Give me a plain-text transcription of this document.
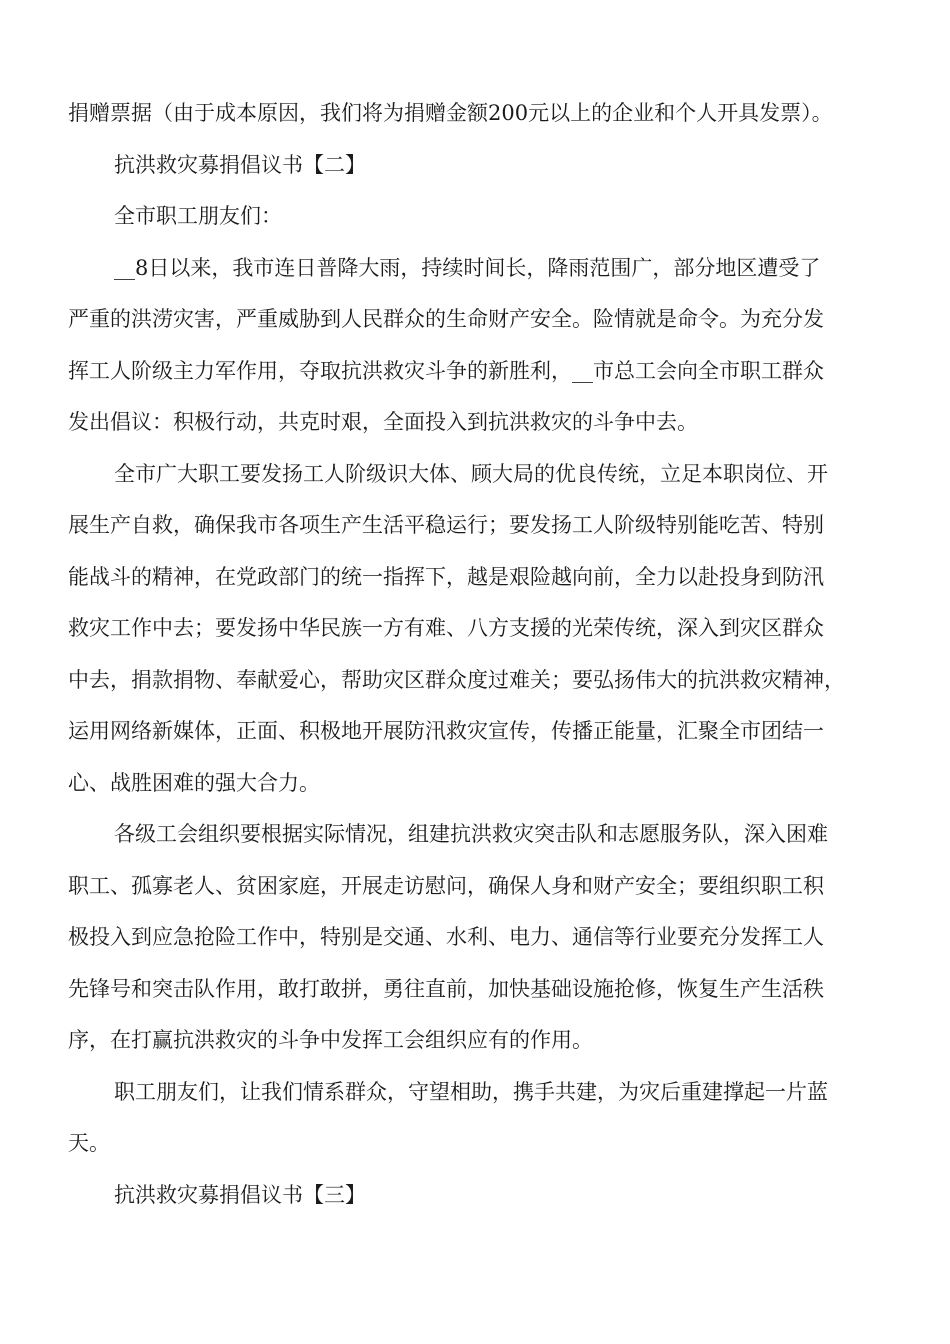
捐赠票据（由于成本原因，我们将为捐赠金额200元以上的企业和个人开具发票）。
抗洪救灾募捐倡议书【二】
全市职工朋友们：
__8日以来，我市连日普降大雨，持续时间长，降雨范围广，部分地区遭受了
严重的洪涝灾害，严重威胁到人民群众的生命财产安全。险情就是命令。为充分发
挥工人阶级主力军作用，夺取抗洪救灾斗争的新胜利，__市总工会向全市职工群众
发出倡议：积极行动，共克时艰，全面投入到抗洪救灾的斗争中去。
全市广大职工要发扬工人阶级识大体、顾大局的优良传统，立足本职岗位、开
展生产自救，确保我市各项生产生活平稳运行；要发扬工人阶级特别能吃苦、特别
能战斗的精神，在党政部门的统一指挥下，越是艰险越向前，全力以赴投身到防汛
救灾工作中去；要发扬中华民族一方有难、八方支援的光荣传统，深入到灾区群众
中去，捐款捐物、奉献爱心，帮助灾区群众度过难关；要弘扬伟大的抗洪救灾精神，
运用网络新媒体，正面、积极地开展防汛救灾宣传，传播正能量，汇聚全市团结一
心、战胜困难的强大合力。
各级工会组织要根据实际情况，组建抗洪救灾突击队和志愿服务队，深入困难
职工、孤寡老人、贫困家庭，开展走访慰问，确保人身和财产安全；要组织职工积
极投入到应急抢险工作中，特别是交通、水利、电力、通信等行业要充分发挥工人
先锋号和突击队作用，敢打敢拼，勇往直前，加快基础设施抢修，恢复生产生活秩
序，在打赢抗洪救灾的斗争中发挥工会组织应有的作用。
职工朋友们，让我们情系群众，守望相助，携手共建，为灾后重建撑起一片蓝
天。
抗洪救灾募捐倡议书【三】
